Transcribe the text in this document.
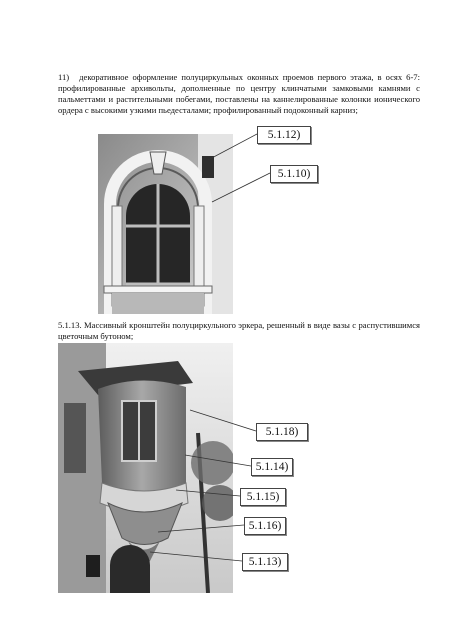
11) декоративное оформление полуциркульных оконных проемов первого этажа, в осях 6-7: профилированные архивольты, дополненные по центру клинчатыми замковыми камнями с пальметтами и растительными побегами, поставлены на каннелированные колонки ионического ордера с высокими узкими пьедесталами; профилированный подоконный карниз;
5.1.12)
5.1.10)
5.1.13. Массивный кронштейн полуциркульного эркера, решенный в виде вазы с распустившимся цветочным бутоном;
5.1.18)
5.1.14)
5.1.15)
5.1.16)
5.1.13)
